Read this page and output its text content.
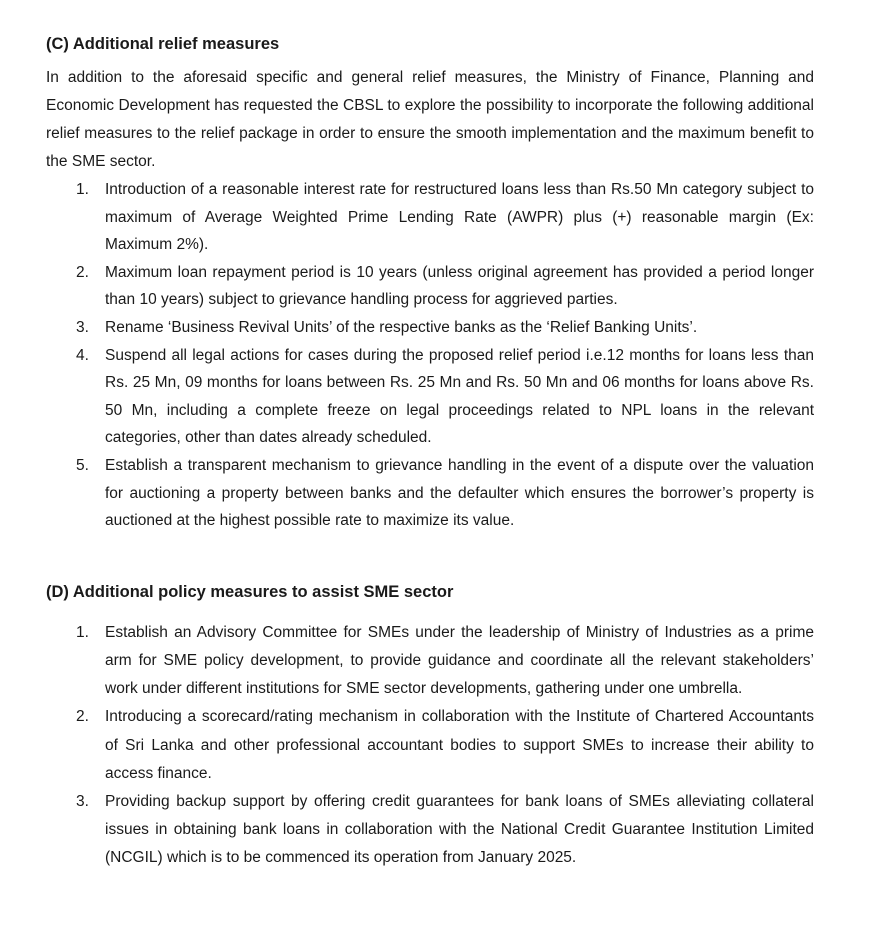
(C) Additional relief measures

In addition to the aforesaid specific and general relief measures, the Ministry of Finance, Planning and Economic Development has requested the CBSL to explore the possibility to incorporate the following additional relief measures to the relief package in order to ensure the smooth implementation and the maximum benefit to the SME sector.

1.	Introduction of a reasonable interest rate for restructured loans less than Rs.50 Mn category subject to maximum of Average Weighted Prime Lending Rate (AWPR) plus (+) reasonable margin (Ex: Maximum 2%).
2.	Maximum loan repayment period is 10 years (unless original agreement has provided a period longer than 10 years) subject to grievance handling process for aggrieved parties.
3.	Rename ‘Business Revival Units’ of the respective banks as the ‘Relief Banking Units’.
4.	Suspend all legal actions for cases during the proposed relief period i.e.12 months for loans less than Rs. 25 Mn, 09 months for loans between Rs. 25 Mn and Rs. 50 Mn and 06 months for loans above Rs. 50 Mn, including a complete freeze on legal proceedings related to NPL loans in the relevant categories, other than dates already scheduled.
5.	Establish a transparent mechanism to grievance handling in the event of a dispute over the valuation for auctioning a property between banks and the defaulter which ensures the borrower’s property is auctioned at the highest possible rate to maximize its value.
(D) Additional policy measures to assist SME sector
1.	Establish an Advisory Committee for SMEs under the leadership of Ministry of Industries as a prime arm for SME policy development, to provide guidance and coordinate all the relevant stakeholders’ work under different institutions for SME sector developments, gathering under one umbrella.
2.	Introducing a scorecard/rating mechanism in collaboration with the Institute of Chartered Accountants of Sri Lanka and other professional accountant bodies to support SMEs to increase their ability to access finance.
3.	Providing backup support by offering credit guarantees for bank loans of SMEs alleviating collateral issues in obtaining bank loans in collaboration with the National Credit Guarantee Institution Limited (NCGIL) which is to be commenced its operation from January 2025.
